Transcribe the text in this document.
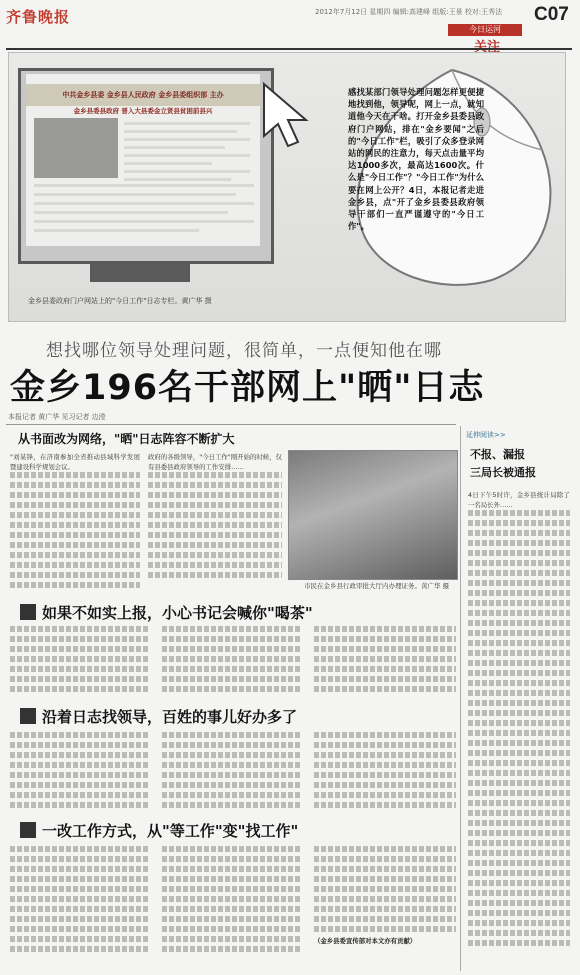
齐鲁晚报	2012年7月12日 星期四 编辑:高建峰 组版:王景 校对:王秀法 C07
今日运河
中共金乡县委 金乡县人民政府 金乡县委组织部 主办
金乡县委县政府 晋入大县委金立贤县贫困前县兴
感找某部门领导处理问题怎样更便捷地找到他，领导呢，网上一点，就知道他今天在干啥。打开金乡县委县政府门户网站，排在"金乡要闻"之后的"今日工作"栏，吸引了众多登录网站的网民的注意力，每天点击量平均达1000多次，最高达1600次。什么是"今日工作"？"今日工作"为什么要在网上公开？4日，本报记者走进金乡县，点"开了金乡县委县政府领导干部们一直严谨遵守的"今日工作"。
金乡县委政府门户网站上的"今日工作"日志专栏。黄广华 摄
想找哪位领导处理问题，很简单，一点便知他在哪
金乡196名干部网上"晒"日志
本报记者 黄广华 见习记者 边滢
从书面改为网络，"晒"日志阵容不断扩大
"刘某锋，在济南参加全省推动县域科学发展暨建设科学规划会议。
政府的各级领导，"今日工作"刚开始的时候，仅有县委县政府领导的工作安排……
市民在金乡县行政审批大厅内办理证务。黄广华 摄
延伸阅读>>
不报、漏报
三局长被通报
4日下午5时许，金乡县统计局除了一名局长外……
如果不如实上报，小心书记会喊你"喝茶"
沿着日志找领导，百姓的事儿好办多了
一改工作方式，从"等工作"变"找工作"
（金乡县委宣传部对本文亦有贡献）
